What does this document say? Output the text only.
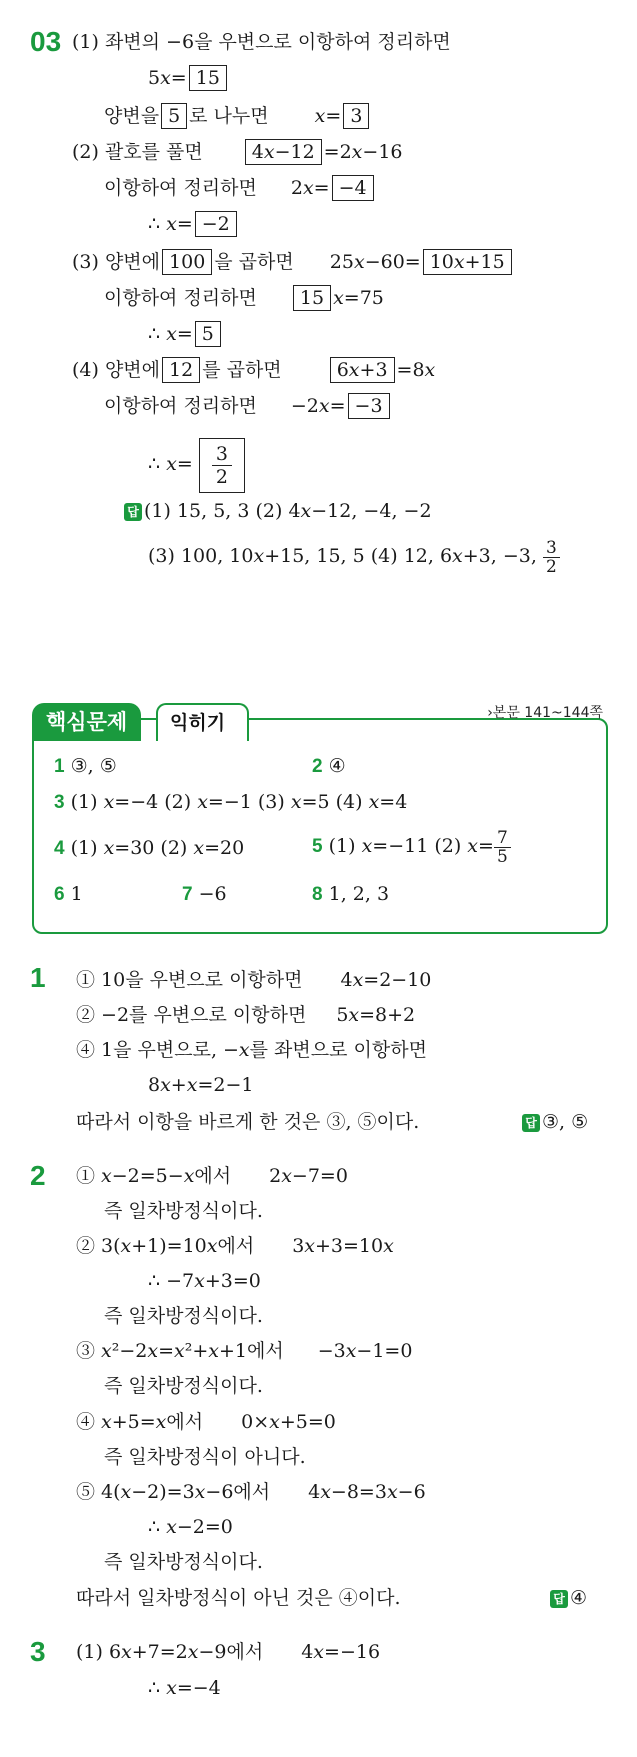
03 (1) 좌변의 −6을 우변으로 이항하여 정리하면
5𝑥= 15
양변을 5 로 나누면 𝑥= 3
(2) 괄호를 풀면	4𝑥−12 =2𝑥−16
이항하여 정리하면 2𝑥= −4
∴ 𝑥= −2
(3) 양변에 100 을 곱하면 25𝑥−60= 10𝑥+15
이항하여 정리하면 15 𝑥=75
∴ 𝑥= 5
(4) 양변에 12 를 곱하면	6𝑥+3 =8𝑥
이항하여 정리하면 −2𝑥= −3
∴ 𝑥= $\frac{3}{2}$
답 (1) 15, 5, 3 (2) 4𝑥−12, −4, −2
(3) 100, 10𝑥+15, 15, 5 (4) 12, 6𝑥+3, −3, $\frac{3}{2}$
핵심문제	익히기	›본문 141~144쪽
1 ③, ⑤	2 ④
3 (1) 𝑥=−4 (2) 𝑥=−1 (3) 𝑥=5 (4) 𝑥=4
4 (1) 𝑥=30 (2) 𝑥=20	5 (1) 𝑥=−11 (2) 𝑥= $\frac{7}{5}$
6 1	7 −6	8 1, 2, 3
1 ① 10을 우변으로 이항하면 4𝑥=2−10
② −2를 우변으로 이항하면 5𝑥=8+2
④ 1을 우변으로, −𝑥를 좌변으로 이항하면
8𝑥+𝑥=2−1
따라서 이항을 바르게 한 것은 ③, ⑤이다.	답 ③, ⑤
2 ① 𝑥−2=5−𝑥에서 2𝑥−7=0
즉 일차방정식이다.
② 3(𝑥+1)=10𝑥에서 3𝑥+3=10𝑥
∴ −7𝑥+3=0
즉 일차방정식이다.
③ 𝑥²−2𝑥=𝑥²+𝑥+1에서 −3𝑥−1=0
즉 일차방정식이다.
④ 𝑥+5=𝑥에서 0×𝑥+5=0
즉 일차방정식이 아니다.
⑤ 4(𝑥−2)=3𝑥−6에서 4𝑥−8=3𝑥−6
∴ 𝑥−2=0
즉 일차방정식이다.
따라서 일차방정식이 아닌 것은 ④이다.	답 ④
3 (1) 6𝑥+7=2𝑥−9에서 4𝑥=−16
∴ 𝑥=−4
